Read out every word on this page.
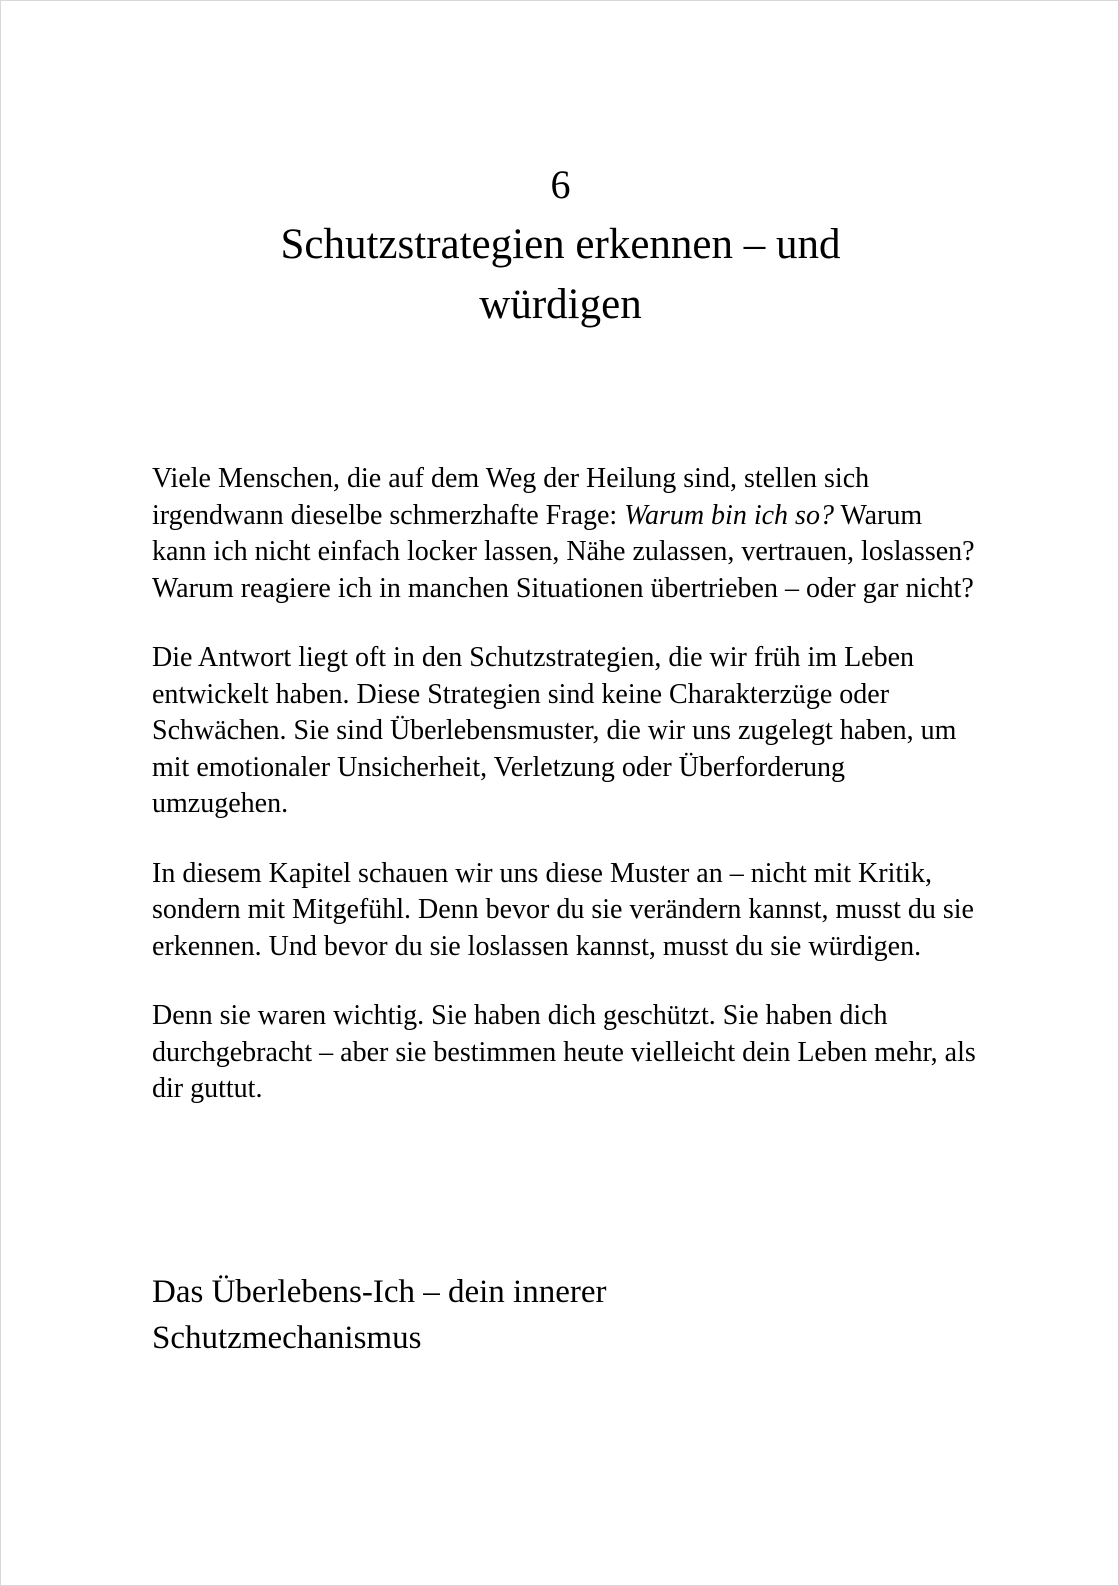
6
Schutzstrategien erkennen – und würdigen

Viele Menschen, die auf dem Weg der Heilung sind, stellen sich irgendwann dieselbe schmerzhafte Frage: Warum bin ich so? Warum kann ich nicht einfach locker lassen, Nähe zulassen, vertrauen, loslassen? Warum reagiere ich in manchen Situationen übertrieben – oder gar nicht?

Die Antwort liegt oft in den Schutzstrategien, die wir früh im Leben entwickelt haben. Diese Strategien sind keine Charakterzüge oder Schwächen. Sie sind Überlebensmuster, die wir uns zugelegt haben, um mit emotionaler Unsicherheit, Verletzung oder Überforderung umzugehen.

In diesem Kapitel schauen wir uns diese Muster an – nicht mit Kritik, sondern mit Mitgefühl. Denn bevor du sie verändern kannst, musst du sie erkennen. Und bevor du sie loslassen kannst, musst du sie würdigen.

Denn sie waren wichtig. Sie haben dich geschützt. Sie haben dich durchgebracht – aber sie bestimmen heute vielleicht dein Leben mehr, als dir guttut.

Das Überlebens-Ich – dein innerer Schutzmechanismus
